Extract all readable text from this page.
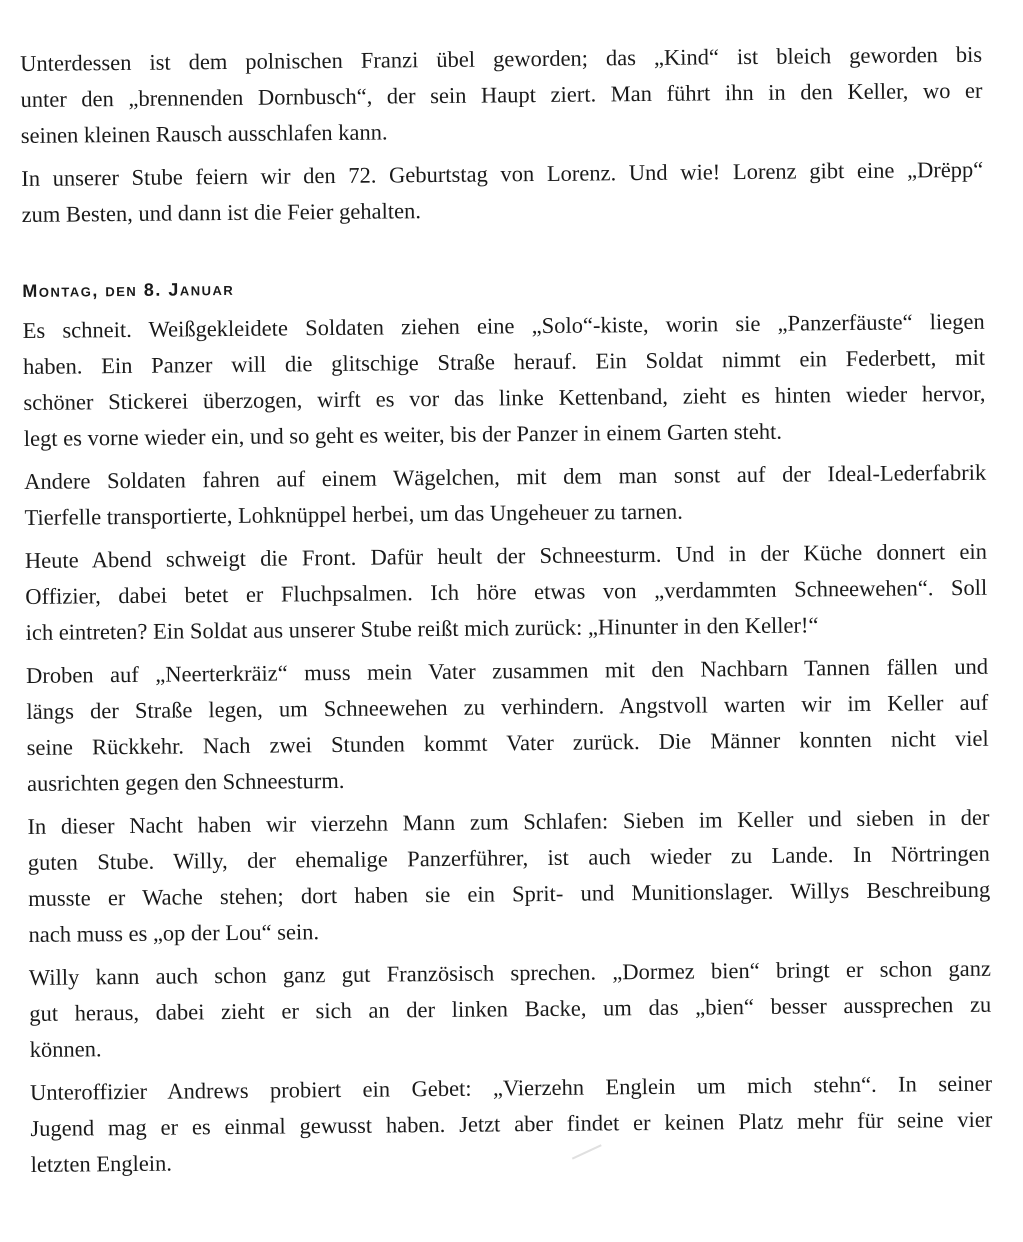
Unterdessen ist dem polnischen Franzi übel geworden; das „Kind“ ist bleich geworden bis
unter den „brennenden Dornbusch“, der sein Haupt ziert. Man führt ihn in den Keller, wo er
seinen kleinen Rausch ausschlafen kann.
In unserer Stube feiern wir den 72. Geburtstag von Lorenz. Und wie! Lorenz gibt eine „Drëpp“
zum Besten, und dann ist die Feier gehalten.
Montag, den 8. Januar
Es schneit. Weißgekleidete Soldaten ziehen eine „Solo“-kiste, worin sie „Panzerfäuste“ liegen
haben. Ein Panzer will die glitschige Straße herauf. Ein Soldat nimmt ein Federbett, mit
schöner Stickerei überzogen, wirft es vor das linke Kettenband, zieht es hinten wieder hervor,
legt es vorne wieder ein, und so geht es weiter, bis der Panzer in einem Garten steht.
Andere Soldaten fahren auf einem Wägelchen, mit dem man sonst auf der Ideal-Lederfabrik
Tierfelle transportierte, Lohknüppel herbei, um das Ungeheuer zu tarnen.
Heute Abend schweigt die Front. Dafür heult der Schneesturm. Und in der Küche donnert ein
Offizier, dabei betet er Fluchpsalmen. Ich höre etwas von „verdammten Schneewehen“. Soll
ich eintreten? Ein Soldat aus unserer Stube reißt mich zurück: „Hinunter in den Keller!“
Droben auf „Neerterkräiz“ muss mein Vater zusammen mit den Nachbarn Tannen fällen und
längs der Straße legen, um Schneewehen zu verhindern. Angstvoll warten wir im Keller auf
seine Rückkehr. Nach zwei Stunden kommt Vater zurück. Die Männer konnten nicht viel
ausrichten gegen den Schneesturm.
In dieser Nacht haben wir vierzehn Mann zum Schlafen: Sieben im Keller und sieben in der
guten Stube. Willy, der ehemalige Panzerführer, ist auch wieder zu Lande. In Nörtringen
musste er Wache stehen; dort haben sie ein Sprit- und Munitionslager. Willys Beschreibung
nach muss es „op der Lou“ sein.
Willy kann auch schon ganz gut Französisch sprechen. „Dormez bien“ bringt er schon ganz
gut heraus, dabei zieht er sich an der linken Backe, um das „bien“ besser aussprechen zu
können.
Unteroffizier Andrews probiert ein Gebet: „Vierzehn Englein um mich stehn“. In seiner
Jugend mag er es einmal gewusst haben. Jetzt aber findet er keinen Platz mehr für seine vier
letzten Englein.
